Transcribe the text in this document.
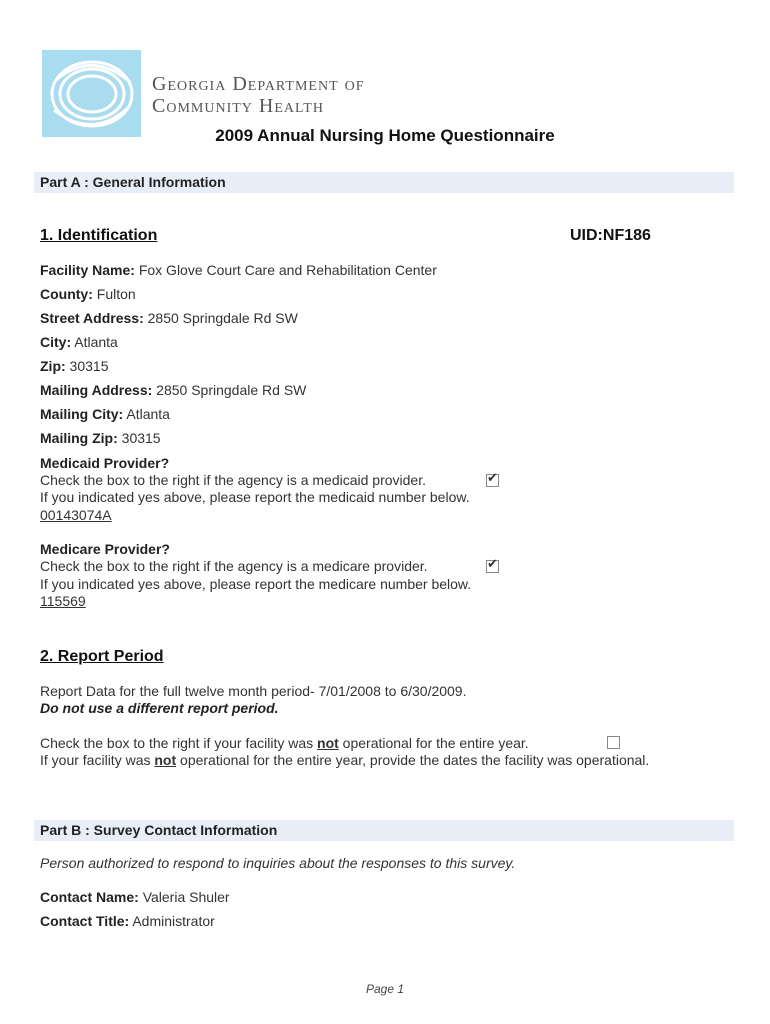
Georgia Department of
Community Health
2009 Annual Nursing Home Questionnaire
Part A : General Information
1. Identification	UID:NF186
Facility Name: Fox Glove Court Care and Rehabilitation Center
County: Fulton
Street Address: 2850 Springdale Rd SW
City: Atlanta
Zip: 30315
Mailing Address: 2850 Springdale Rd SW
Mailing City: Atlanta
Mailing Zip: 30315
Medicaid Provider?
Check the box to the right if the agency is a medicaid provider.	✔
If you indicated yes above, please report the medicaid number below.
00143074A
Medicare Provider?
Check the box to the right if the agency is a medicare provider.	✔
If you indicated yes above, please report the medicare number below.
115569
2. Report Period
Report Data for the full twelve month period- 7/01/2008 to 6/30/2009.
Do not use a different report period.
Check the box to the right if your facility was not operational for the entire year.
If your facility was not operational for the entire year, provide the dates the facility was operational.
Part B : Survey Contact Information
Person authorized to respond to inquiries about the responses to this survey.
Contact Name: Valeria Shuler
Contact Title: Administrator
Page 1
